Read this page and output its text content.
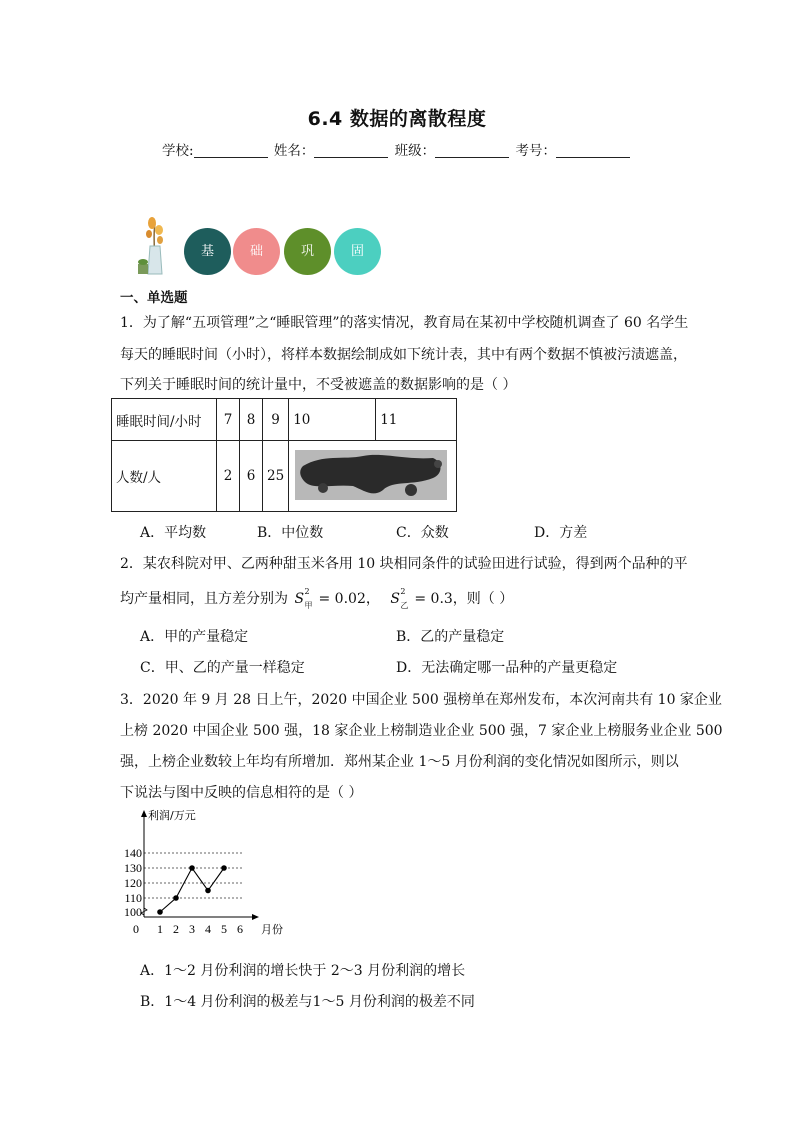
6.4 数据的离散程度
学校:	姓名：	班级：	考号：
基	础	巩	固
一、单选题
1．为了解“五项管理”之“睡眠管理”的落实情况，教育局在某初中学校随机调查了 60 名学生
每天的睡眠时间（小时），将样本数据绘制成如下统计表，其中有两个数据不慎被污渍遮盖，
下列关于睡眠时间的统计量中，不受被遮盖的数据影响的是（ ）
睡眠时间/小时	7	8	9	10	11
人数/人	2	6	25	
A．平均数	B．中位数	C．众数	D．方差
2．某农科院对甲、乙两种甜玉米各用 10 块相同条件的试验田进行试验，得到两个品种的平
均产量相同，且方差分别为 S 2
甲 = 0.02， S 2
乙 = 0.3，则（ ）
A．甲的产量稳定	B．乙的产量稳定
C．甲、乙的产量一样稳定	D．无法确定哪一品种的产量更稳定
3．2020 年 9 月 28 日上午，2020 中国企业 500 强榜单在郑州发布，本次河南共有 10 家企业
上榜 2020 中国企业 500 强，18 家企业上榜制造业企业 500 强，7 家企业上榜服务业企业 500
强，上榜企业数较上年均有所增加．郑州某企业 1～5 月份利润的变化情况如图所示，则以
下说法与图中反映的信息相符的是（ ）
100
110
120
130
140
0 1 2 3 4 5 6
利润/万元
月份
A．1～2 月份利润的增长快于 2～3 月份利润的增长
B．1～4 月份利润的极差与1～5 月份利润的极差不同
